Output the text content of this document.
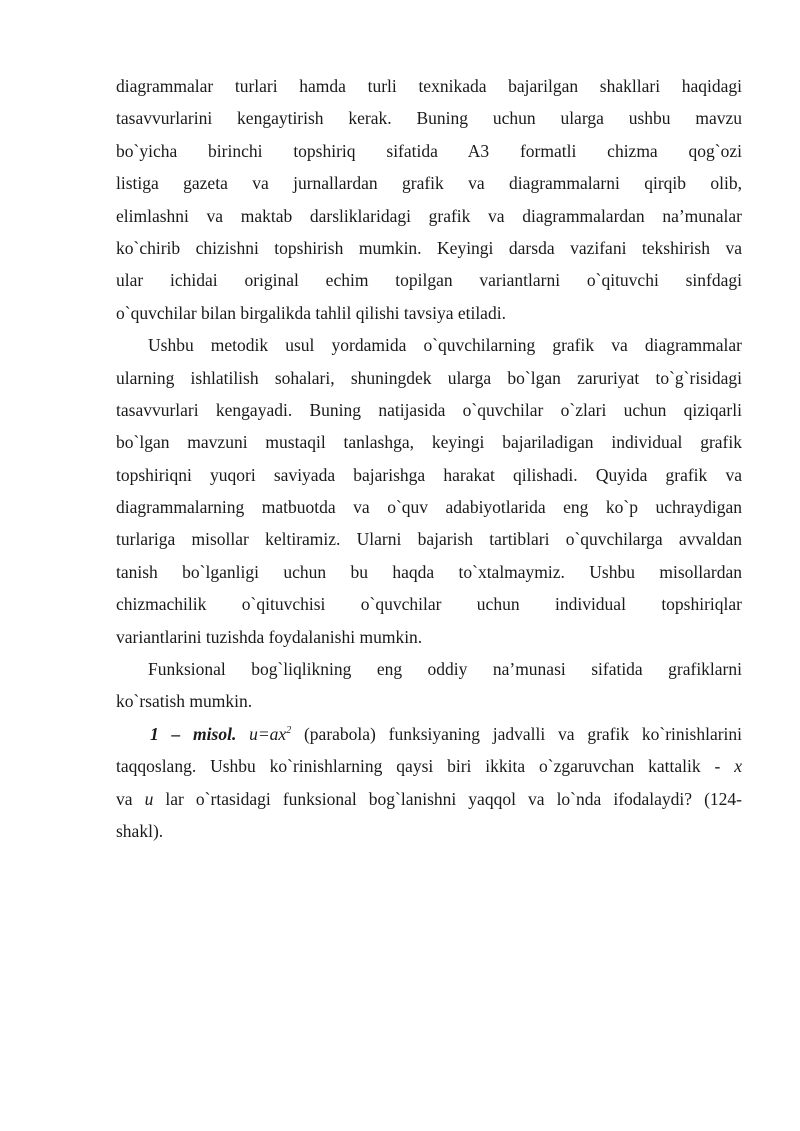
diagrammalar turlari hamda turli texnikada bajarilgan shakllari haqidagi
tasavvurlarini kengaytirish kerak. Buning uchun ularga ushbu mavzu
bo`yicha birinchi topshiriq sifatida A3 formatli chizma qog`ozi
listiga gazeta va jurnallardan grafik va diagrammalarni qirqib olib,
elimlashni va maktab darsliklaridagi grafik va diagrammalardan na’munalar
ko`chirib chizishni topshirish mumkin. Keyingi darsda vazifani tekshirish va
ular ichidai original echim topilgan variantlarni o`qituvchi sinfdagi
o`quvchilar bilan birgalikda tahlil qilishi tavsiya etiladi.
Ushbu metodik usul yordamida o`quvchilarning grafik va diagrammalar
ularning ishlatilish sohalari, shuningdek ularga bo`lgan zaruriyat to`g`risidagi
tasavvurlari kengayadi. Buning natijasida o`quvchilar o`zlari uchun qiziqarli
bo`lgan mavzuni mustaqil tanlashga, keyingi bajariladigan individual grafik
topshiriqni yuqori saviyada bajarishga harakat qilishadi. Quyida grafik va
diagrammalarning matbuotda va o`quv adabiyotlarida eng ko`p uchraydigan
turlariga misollar keltiramiz. Ularni bajarish tartiblari o`quvchilarga avvaldan
tanish bo`lganligi uchun bu haqda to`xtalmaymiz. Ushbu misollardan
chizmachilik o`qituvchisi o`quvchilar uchun individual topshiriqlar
variantlarini tuzishda foydalanishi mumkin.
Funksional bog`liqlikning eng oddiy na’munasi sifatida grafiklarni
ko`rsatish mumkin.
1 – misol. $u=ax^2$ (parabola) funksiyaning jadvalli va grafik ko`rinishlarini
taqqoslang. Ushbu ko`rinishlarning qaysi biri ikkita o`zgaruvchan kattalik - x
va u lar o`rtasidagi funksional bog`lanishni yaqqol va lo`nda ifodalaydi? (124-
shakl).
